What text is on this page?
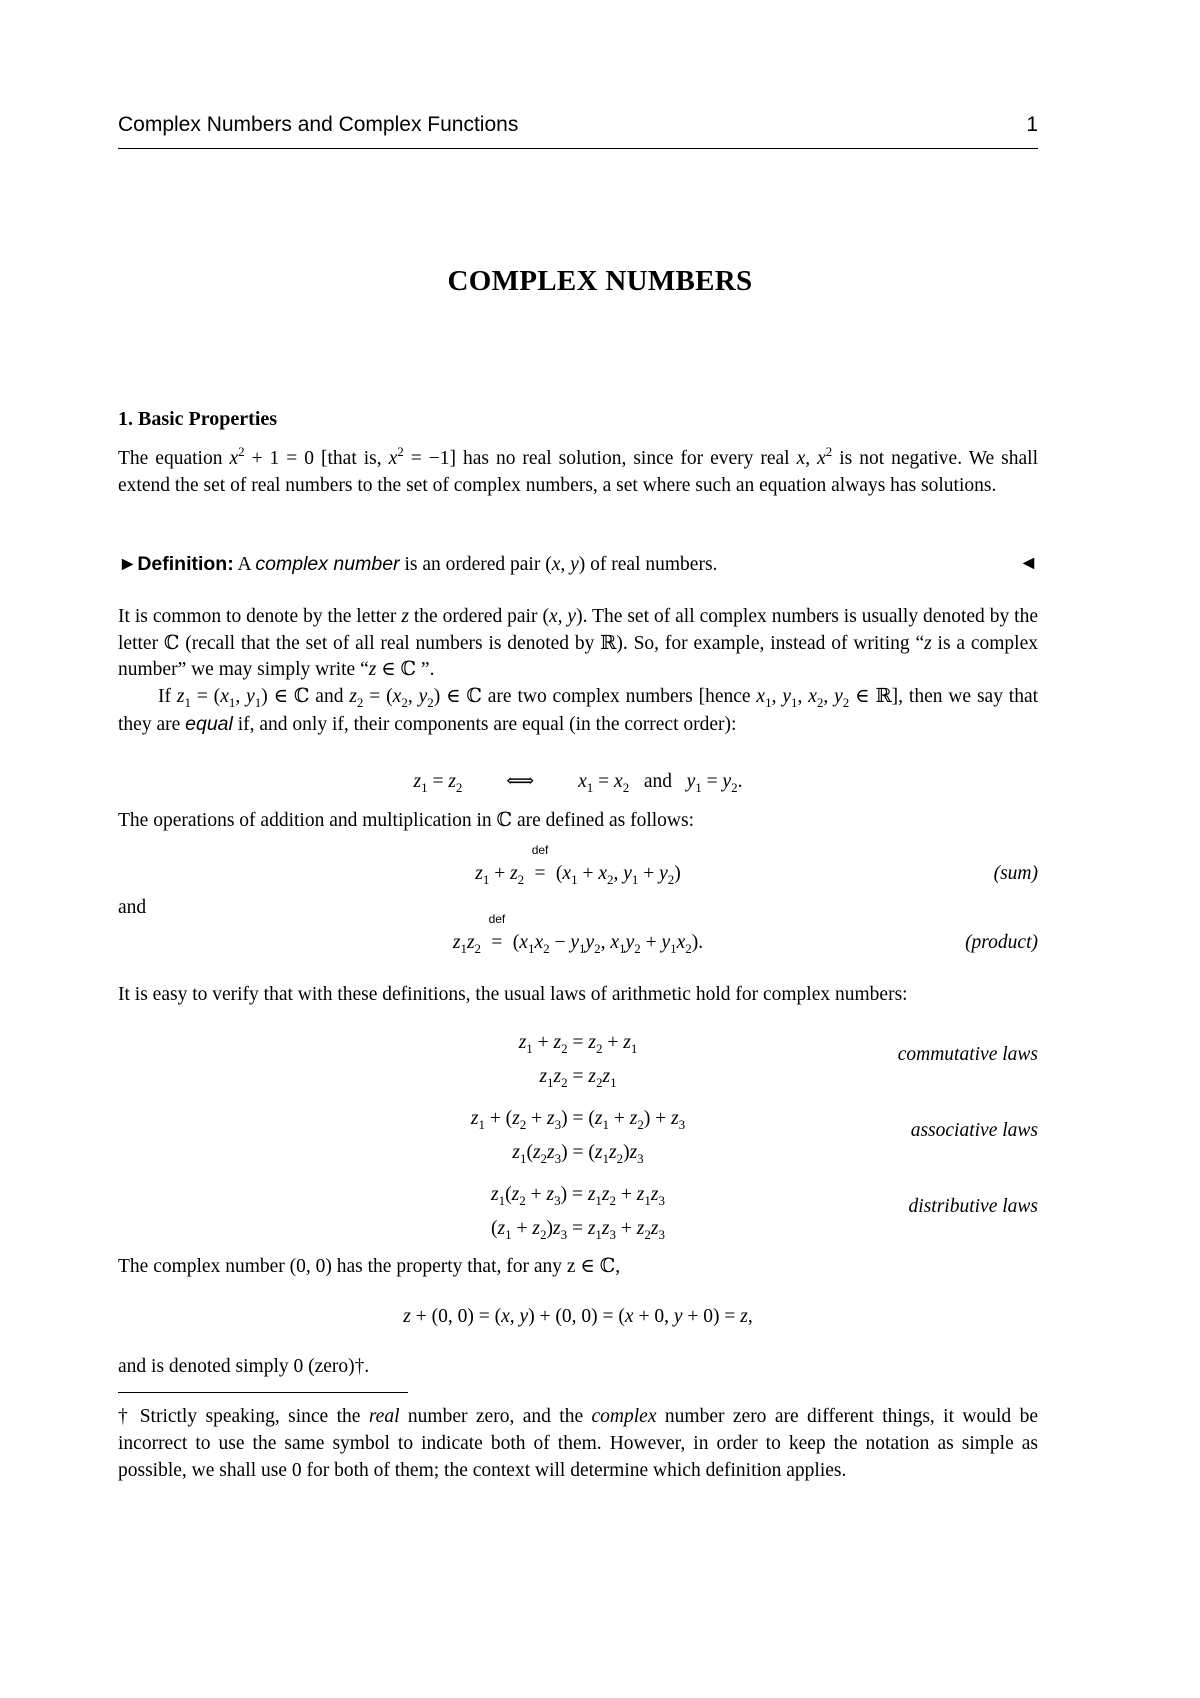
Complex Numbers and Complex Functions	1
COMPLEX NUMBERS
1. Basic Properties
The equation $x^2 + 1 = 0$ [that is, $x^2 = -1$] has no real solution, since for every real x, $x^2$ is not negative. We shall extend the set of real numbers to the set of complex numbers, a set where such an equation always has solutions.
►Definition: A complex number is an ordered pair (x, y) of real numbers.	◄
It is common to denote by the letter z the ordered pair (x, y). The set of all complex numbers is usually denoted by the letter ℂ (recall that the set of all real numbers is denoted by ℝ). So, for example, instead of writing “z is a complex number” we may simply write “z ∈ ℂ ”.
If $z_1 = (x_1$, $y_1$) ∈ ℂ and $z_2 = (x_2$, $y_2$) ∈ ℂ are two complex numbers [hence $x_1$, $y_1$, $x_2$, $y_2$ ∈ ℝ], then we say that they are equal if, and only if, their components are equal (in the correct order):
$z_1 = z_2$         ⟺         $x_1 = x_2$ and $y_1 = y_2$.
The operations of addition and multiplication in ℂ are defined as follows:
$z_1 + z_2$ =
def
($x_1 + x_2$, $y_1 + y_2$)	(sum)
and
$z_1z_2$ =
def
($x_1x_2 - y_1y_2$, $x_1y_2 + y_1x_2$).	(product)
It is easy to verify that with these definitions, the usual laws of arithmetic hold for complex numbers:
$z_1 + z_2 = z_2 + z_1$
$z_1z_2 = z_2z_1$
commutative laws
$z_1 + (z_2 + z_3) = (z_1 + z_2) + z_3$
$z_1(z_2z_3) = (z_1z_2)z_3$
associative laws
$z_1(z_2 + z_3) = z_1z_2 + z_1z_3$
$(z_1 + z_2)z_3 = z_1z_3 + z_2z_3$
distributive laws
The complex number (0, 0) has the property that, for any z ∈ ℂ,
z + (0, 0) = (x, y) + (0, 0) = (x + 0, y + 0) = z,
and is denoted simply 0 (zero)†.
† Strictly speaking, since the real number zero, and the complex number zero are different things, it would be incorrect to use the same symbol to indicate both of them. However, in order to keep the notation as simple as possible, we shall use 0 for both of them; the context will determine which definition applies.
